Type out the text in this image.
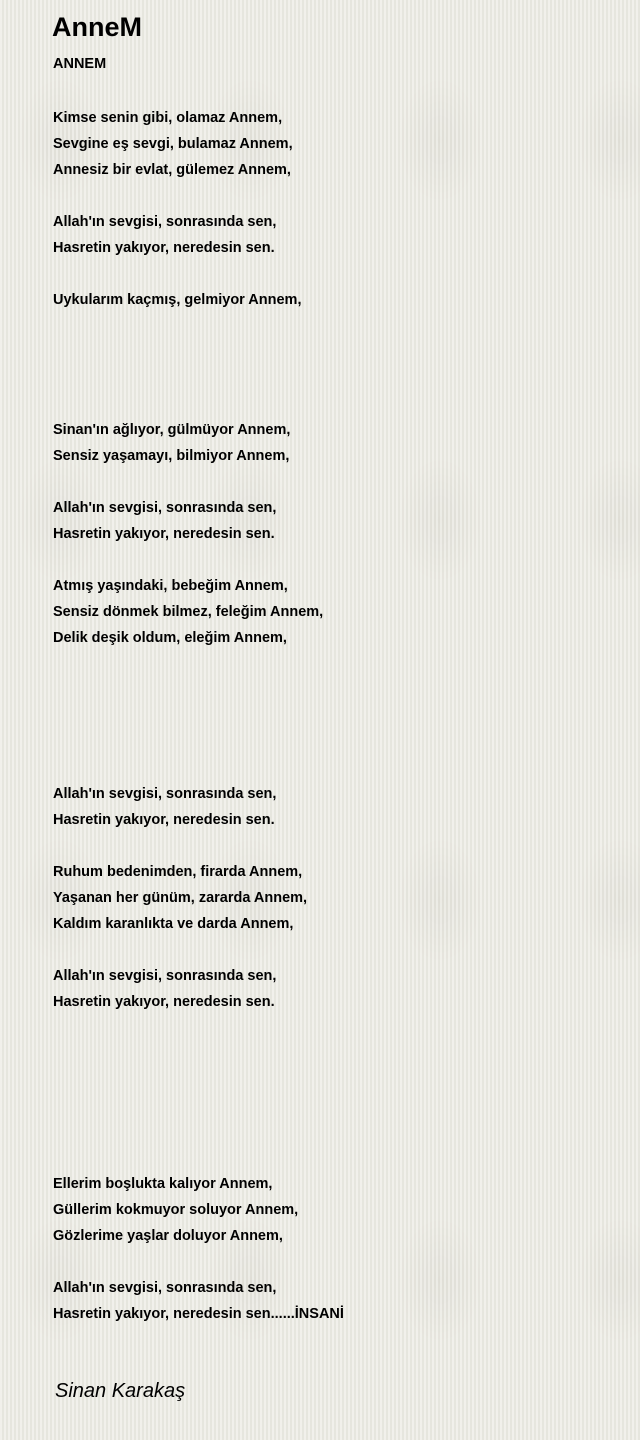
AnneM
ANNEM
Kimse senin gibi, olamaz Annem,
Sevgine eş sevgi, bulamaz Annem,
Annesiz bir evlat, gülemez Annem,
Allah'ın sevgisi, sonrasında sen,
Hasretin yakıyor, neredesin sen.
Uykularım kaçmış, gelmiyor Annem,
Sinan'ın ağlıyor, gülmüyor Annem,
Sensiz yaşamayı, bilmiyor Annem,
Allah'ın sevgisi, sonrasında sen,
Hasretin yakıyor, neredesin sen.
Atmış yaşındaki, bebeğim Annem,
Sensiz dönmek bilmez, feleğim Annem,
Delik deşik oldum, eleğim Annem,
Allah'ın sevgisi, sonrasında sen,
Hasretin yakıyor, neredesin sen.
Ruhum bedenimden, firarda Annem,
Yaşanan her günüm, zararda Annem,
Kaldım karanlıkta ve darda Annem,
Allah'ın sevgisi, sonrasında sen,
Hasretin yakıyor, neredesin sen.
Ellerim boşlukta kalıyor Annem,
Güllerim kokmuyor soluyor Annem,
Gözlerime yaşlar doluyor Annem,
Allah'ın sevgisi, sonrasında sen,
Hasretin yakıyor, neredesin sen......İNSANİ
Sinan Karakaş
